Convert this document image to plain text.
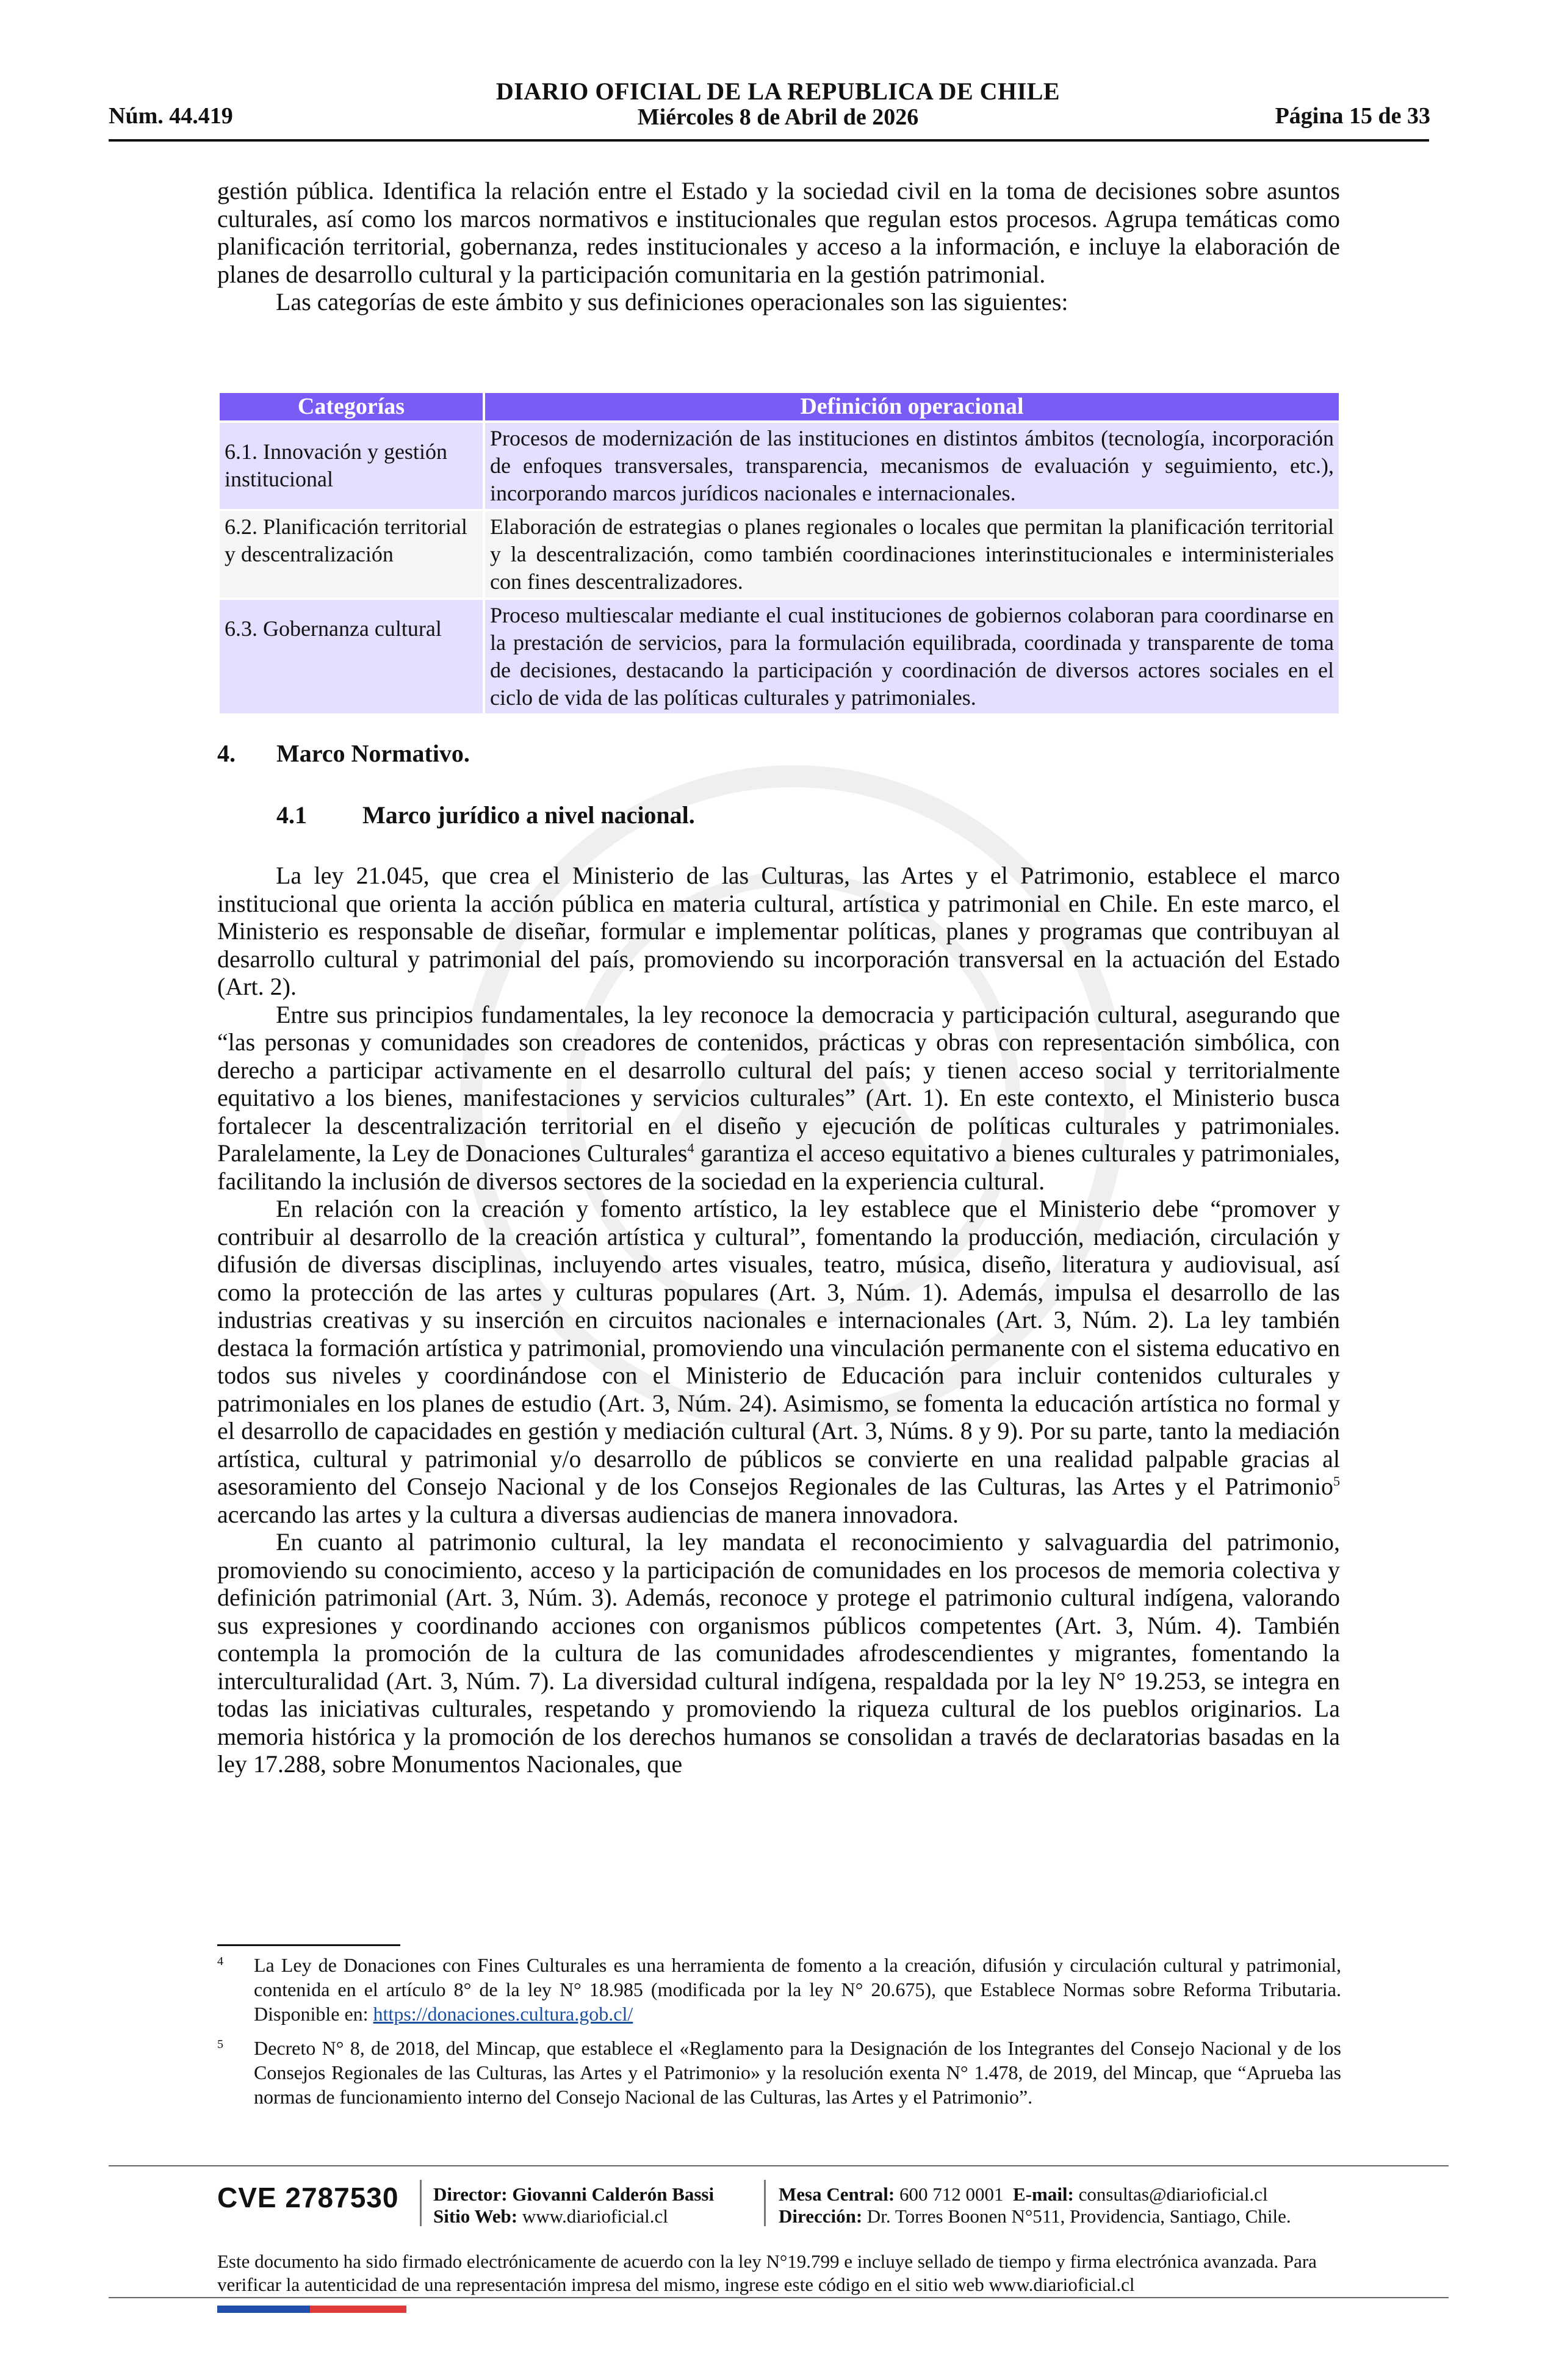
Núm. 44.419
DIARIO OFICIAL DE LA REPUBLICA DE CHILE
Miércoles 8 de Abril de 2026	Página 15 de 33

gestión pública. Identifica la relación entre el Estado y la sociedad civil en la toma de decisiones sobre asuntos culturales, así como los marcos normativos e institucionales que regulan estos procesos. Agrupa temáticas como planificación territorial, gobernanza, redes institucionales y acceso a la información, e incluye la elaboración de planes de desarrollo cultural y la participación comunitaria en la gestión patrimonial.

Las categorías de este ámbito y sus definiciones operacionales son las siguientes:

Categorías	Definición operacional

6.1. Innovación y gestión institucional	Procesos de modernización de las instituciones en distintos ámbitos (tecnología, incorporación de enfoques transversales, transparencia, mecanismos de evaluación y seguimiento, etc.), incorporando marcos jurídicos nacionales e internacionales.

6.2. Planificación territorial y descentralización	Elaboración de estrategias o planes regionales o locales que permitan la planificación territorial y la descentralización, como también coordinaciones interinstitucionales e interministeriales con fines descentralizadores.

6.3. Gobernanza cultural	Proceso multiescalar mediante el cual instituciones de gobiernos colaboran para coordinarse en la prestación de servicios, para la formulación equilibrada, coordinada y transparente de toma de decisiones, destacando la participación y coordinación de diversos actores sociales en el ciclo de vida de las políticas culturales y patrimoniales.
4. Marco Normativo.
4.1 Marco jurídico a nivel nacional.

La ley 21.045, que crea el Ministerio de las Culturas, las Artes y el Patrimonio, establece el marco institucional que orienta la acción pública en materia cultural, artística y patrimonial en Chile. En este marco, el Ministerio es responsable de diseñar, formular e implementar políticas, planes y programas que contribuyan al desarrollo cultural y patrimonial del país, promoviendo su incorporación transversal en la actuación del Estado (Art. 2).

Entre sus principios fundamentales, la ley reconoce la democracia y participación cultural, asegurando que “las personas y comunidades son creadores de contenidos, prácticas y obras con representación simbólica, con derecho a participar activamente en el desarrollo cultural del país; y tienen acceso social y territorialmente equitativo a los bienes, manifestaciones y servicios culturales” (Art. 1). En este contexto, el Ministerio busca fortalecer la descentralización territorial en el diseño y ejecución de políticas culturales y patrimoniales. Paralelamente, la Ley de Donaciones Culturales$^4$ garantiza el acceso equitativo a bienes culturales y patrimoniales, facilitando la inclusión de diversos sectores de la sociedad en la experiencia cultural.

En relación con la creación y fomento artístico, la ley establece que el Ministerio debe “promover y contribuir al desarrollo de la creación artística y cultural”, fomentando la producción, mediación, circulación y difusión de diversas disciplinas, incluyendo artes visuales, teatro, música, diseño, literatura y audiovisual, así como la protección de las artes y culturas populares (Art. 3, Núm. 1). Además, impulsa el desarrollo de las industrias creativas y su inserción en circuitos nacionales e internacionales (Art. 3, Núm. 2). La ley también destaca la formación artística y patrimonial, promoviendo una vinculación permanente con el sistema educativo en todos sus niveles y coordinándose con el Ministerio de Educación para incluir contenidos culturales y patrimoniales en los planes de estudio (Art. 3, Núm. 24). Asimismo, se fomenta la educación artística no formal y el desarrollo de capacidades en gestión y mediación cultural (Art. 3, Núms. 8 y 9). Por su parte, tanto la mediación artística, cultural y patrimonial y/o desarrollo de públicos se convierte en una realidad palpable gracias al asesoramiento del Consejo Nacional y de los Consejos Regionales de las Culturas, las Artes y el Patrimonio$^5$ acercando las artes y la cultura a diversas audiencias de manera innovadora.

En cuanto al patrimonio cultural, la ley mandata el reconocimiento y salvaguardia del patrimonio, promoviendo su conocimiento, acceso y la participación de comunidades en los procesos de memoria colectiva y definición patrimonial (Art. 3, Núm. 3). Además, reconoce y protege el patrimonio cultural indígena, valorando sus expresiones y coordinando acciones con organismos públicos competentes (Art. 3, Núm. 4). También contempla la promoción de la cultura de las comunidades afrodescendientes y migrantes, fomentando la interculturalidad (Art. 3, Núm. 7). La diversidad cultural indígena, respaldada por la ley N° 19.253, se integra en todas las iniciativas culturales, respetando y promoviendo la riqueza cultural de los pueblos originarios. La memoria histórica y la promoción de los derechos humanos se consolidan a través de declaratorias basadas en la ley 17.288, sobre Monumentos Nacionales, que

4 La Ley de Donaciones con Fines Culturales es una herramienta de fomento a la creación, difusión y circulación cultural y patrimonial, contenida en el artículo 8° de la ley N° 18.985 (modificada por la ley N° 20.675), que Establece Normas sobre Reforma Tributaria. Disponible en: https://donaciones.cultura.gob.cl/
5 Decreto N° 8, de 2018, del Mincap, que establece el «Reglamento para la Designación de los Integrantes del Consejo Nacional y de los Consejos Regionales de las Culturas, las Artes y el Patrimonio» y la resolución exenta N° 1.478, de 2019, del Mincap, que “Aprueba las normas de funcionamiento interno del Consejo Nacional de las Culturas, las Artes y el Patrimonio”.
CVE 2787530 Director: Giovanni Calderón Bassi
Sitio Web: www.diarioficial.cl
Mesa Central: 600 712 0001 E-mail: consultas@diarioficial.cl
Dirección: Dr. Torres Boonen N°511, Providencia, Santiago, Chile.
Este documento ha sido firmado electrónicamente de acuerdo con la ley N°19.799 e incluye sellado de tiempo y firma electrónica avanzada. Para verificar la autenticidad de una representación impresa del mismo, ingrese este código en el sitio web www.diarioficial.cl
